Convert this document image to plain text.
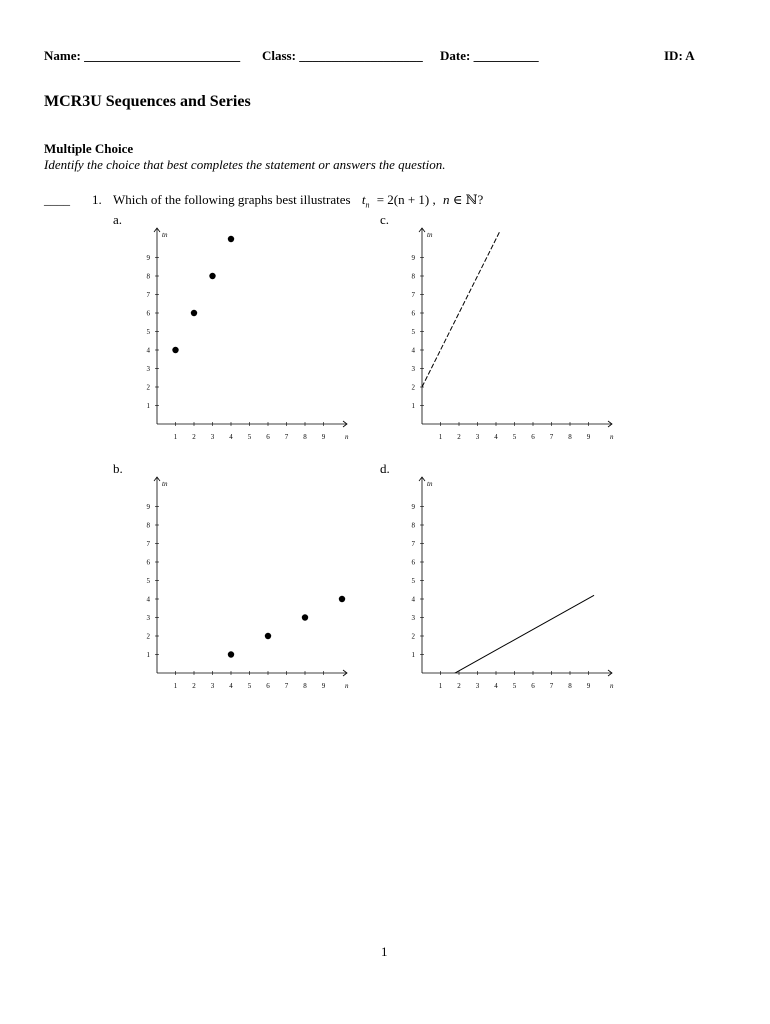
Name: ________________________ Class: ___________________ Date: __________	ID: A
MCR3U Sequences and Series
Multiple Choice
Identify the choice that best completes the statement or answers the question.
____ 1. Which of the following graphs best illustrates $t_n = 2(n + 1)$ , n ∈ ℕ?
a.	c.
b.	d.
tn
n
1 2 3 4 5 6 7 8 9
1
2
3
4
5
6
7
8
9
tn
n
1 2 3 4 5 6 7 8 9
1
2
3
4
5
6
7
8
9
tn
n
1 2 3 4 5 6 7 8 9
1
2
3
4
5
6
7
8
9
tn
n
1 2 3 4 5 6 7 8 9
1
2
3
4
5
6
7
8
9
1
